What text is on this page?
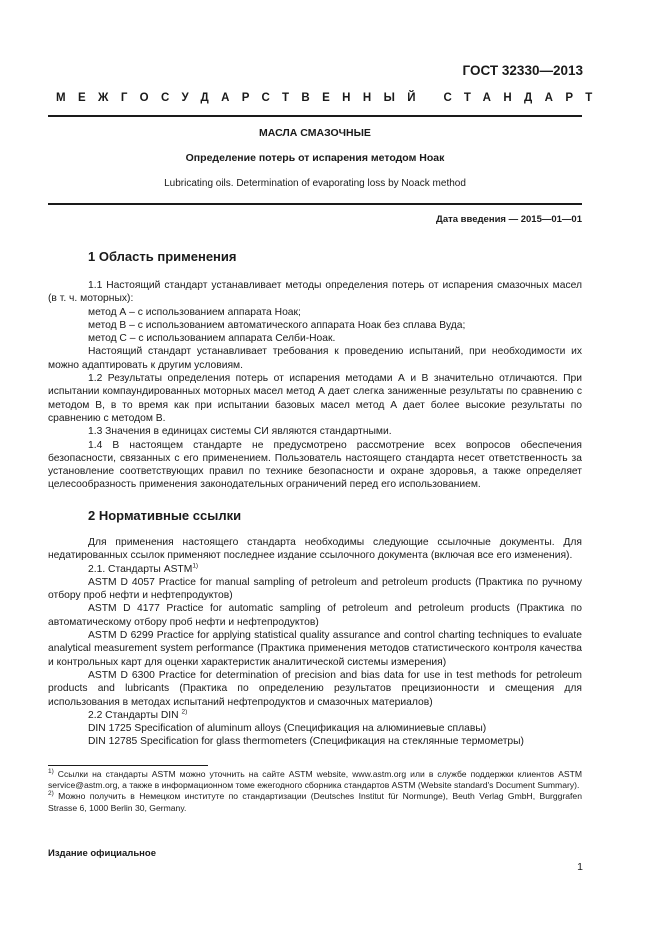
ГОСТ 32330—2013
МЕЖГОСУДАРСТВЕННЫЙ СТАНДАРТ
МАСЛА СМАЗОЧНЫЕ
Определение потерь от испарения методом Ноак
Lubricating oils. Determination of evaporating loss by Noack method
Дата введения — 2015—01—01
1 Область применения

1.1 Настоящий стандарт устанавливает методы определения потерь от испарения смазочных масел (в т. ч. моторных):

метод А – с использованием аппарата Ноак;

метод В – с использованием автоматического аппарата Ноак без сплава Вуда;

метод С – с использованием аппарата Селби-Ноак.

Настоящий стандарт устанавливает требования к проведению испытаний, при необходимости их можно адаптировать к другим условиям.

1.2 Результаты определения потерь от испарения методами А и В значительно отличаются. При испытании компаундированных моторных масел метод А дает слегка заниженные результаты по сравнению с методом В, в то время как при испытании базовых масел метод А дает более высокие результаты по сравнению с методом В.

1.3 Значения в единицах системы СИ являются стандартными.

1.4 В настоящем стандарте не предусмотрено рассмотрение всех вопросов обеспечения безопасности, связанных с его применением. Пользователь настоящего стандарта несет ответственность за установление соответствующих правил по технике безопасности и охране здоровья, а также определяет целесообразность применения законодательных ограничений перед его использованием.

2 Нормативные ссылки

Для применения настоящего стандарта необходимы следующие ссылочные документы. Для недатированных ссылок применяют последнее издание ссылочного документа (включая все его изменения).

2.1. Стандарты ASTM$^{1)}$

ASTM D 4057 Practice for manual sampling of petroleum and petroleum products (Практика по ручному отбору проб нефти и нефтепродуктов)

ASTM D 4177 Practice for automatic sampling of petroleum and petroleum products (Практика по автоматическому отбору проб нефти и нефтепродуктов)

ASTM D 6299 Practice for applying statistical quality assurance and control charting techniques to evaluate analytical measurement system performance (Практика применения методов статистического контроля качества и контрольных карт для оценки характеристик аналитической системы измерения)

ASTM D 6300 Practice for determination of precision and bias data for use in test methods for petroleum products and lubricants (Практика по определению результатов прецизионности и смещения для использования в методах испытаний нефтепродуктов и смазочных материалов)

2.2 Стандарты DIN $^{2)}$

DIN 1725 Specification of aluminum alloys (Спецификация на алюминиевые сплавы)

DIN 12785 Specification for glass thermometers (Спецификация на стеклянные термометры)

$^{1)}$ Ссылки на стандарты ASTM можно уточнить на сайте ASTM website, www.astm.org или в службе поддержки клиентов ASTM service@astm.org, а также в информационном томе ежегодного сборника стандартов ASTM (Website standard's Document Summary).

$^{2)}$ Можно получить в Немецком институте по стандартизации (Deutsches Institut für Normunge), Beuth Verlag GmbH, Burggrafen Strasse 6, 1000 Berlin 30, Germany.

Издание официальное
1
